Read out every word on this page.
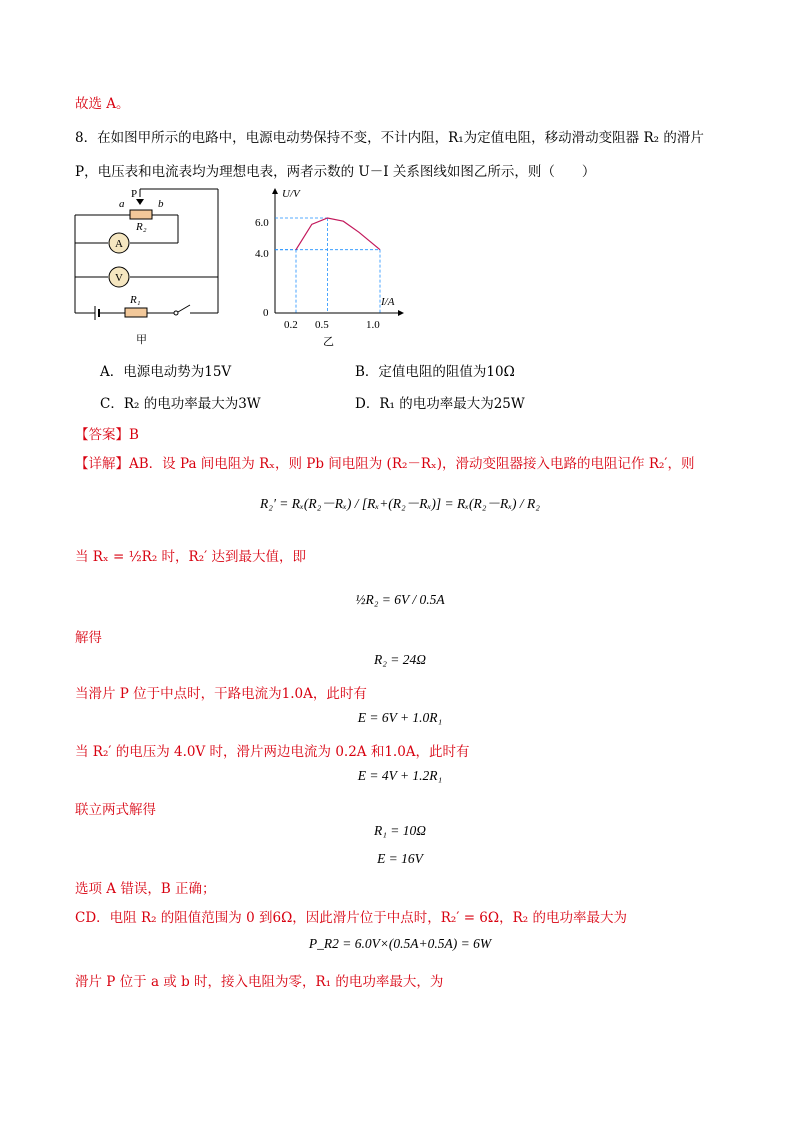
故选 A。
8．在如图甲所示的电路中，电源电动势保持不变，不计内阻，R₁为定值电阻，移动滑动变阻器 R₂ 的滑片
P，电压表和电流表均为理想电表，两者示数的 U－I 关系图线如图乙所示，则（　　）
P
a	b
R₂
A
V
R₁
甲
U/V
I/A
0
6.0
4.0
0.2 0.5	1.0
乙
A．电源电动势为15V	B．定值电阻的阻值为10Ω
C．R₂ 的电功率最大为3W	D．R₁ 的电功率最大为25W
【答案】B
【详解】AB．设 Pa 间电阻为 Rₓ，则 Pb 间电阻为 (R₂－Rₓ)，滑动变阻器接入电路的电阻记作 R₂′，则
R₂′ = Rₓ(R₂－Rₓ) / [Rₓ+(R₂－Rₓ)] = Rₓ(R₂－Rₓ) / R₂
当 Rₓ = ½R₂ 时，R₂′ 达到最大值，即
½R₂ = 6V / 0.5A
解得
R₂ = 24Ω
当滑片 P 位于中点时，干路电流为1.0A，此时有
E = 6V + 1.0R₁
当 R₂′ 的电压为 4.0V 时，滑片两边电流为 0.2A 和1.0A，此时有
E = 4V + 1.2R₁
联立两式解得
R₁ = 10Ω
E = 16V
选项 A 错误，B 正确；
CD．电阻 R₂ 的阻值范围为 0 到6Ω，因此滑片位于中点时，R₂′ = 6Ω，R₂ 的电功率最大为
P_R2 = 6.0V×(0.5A+0.5A) = 6W
滑片 P 位于 a 或 b 时，接入电阻为零，R₁ 的电功率最大，为
